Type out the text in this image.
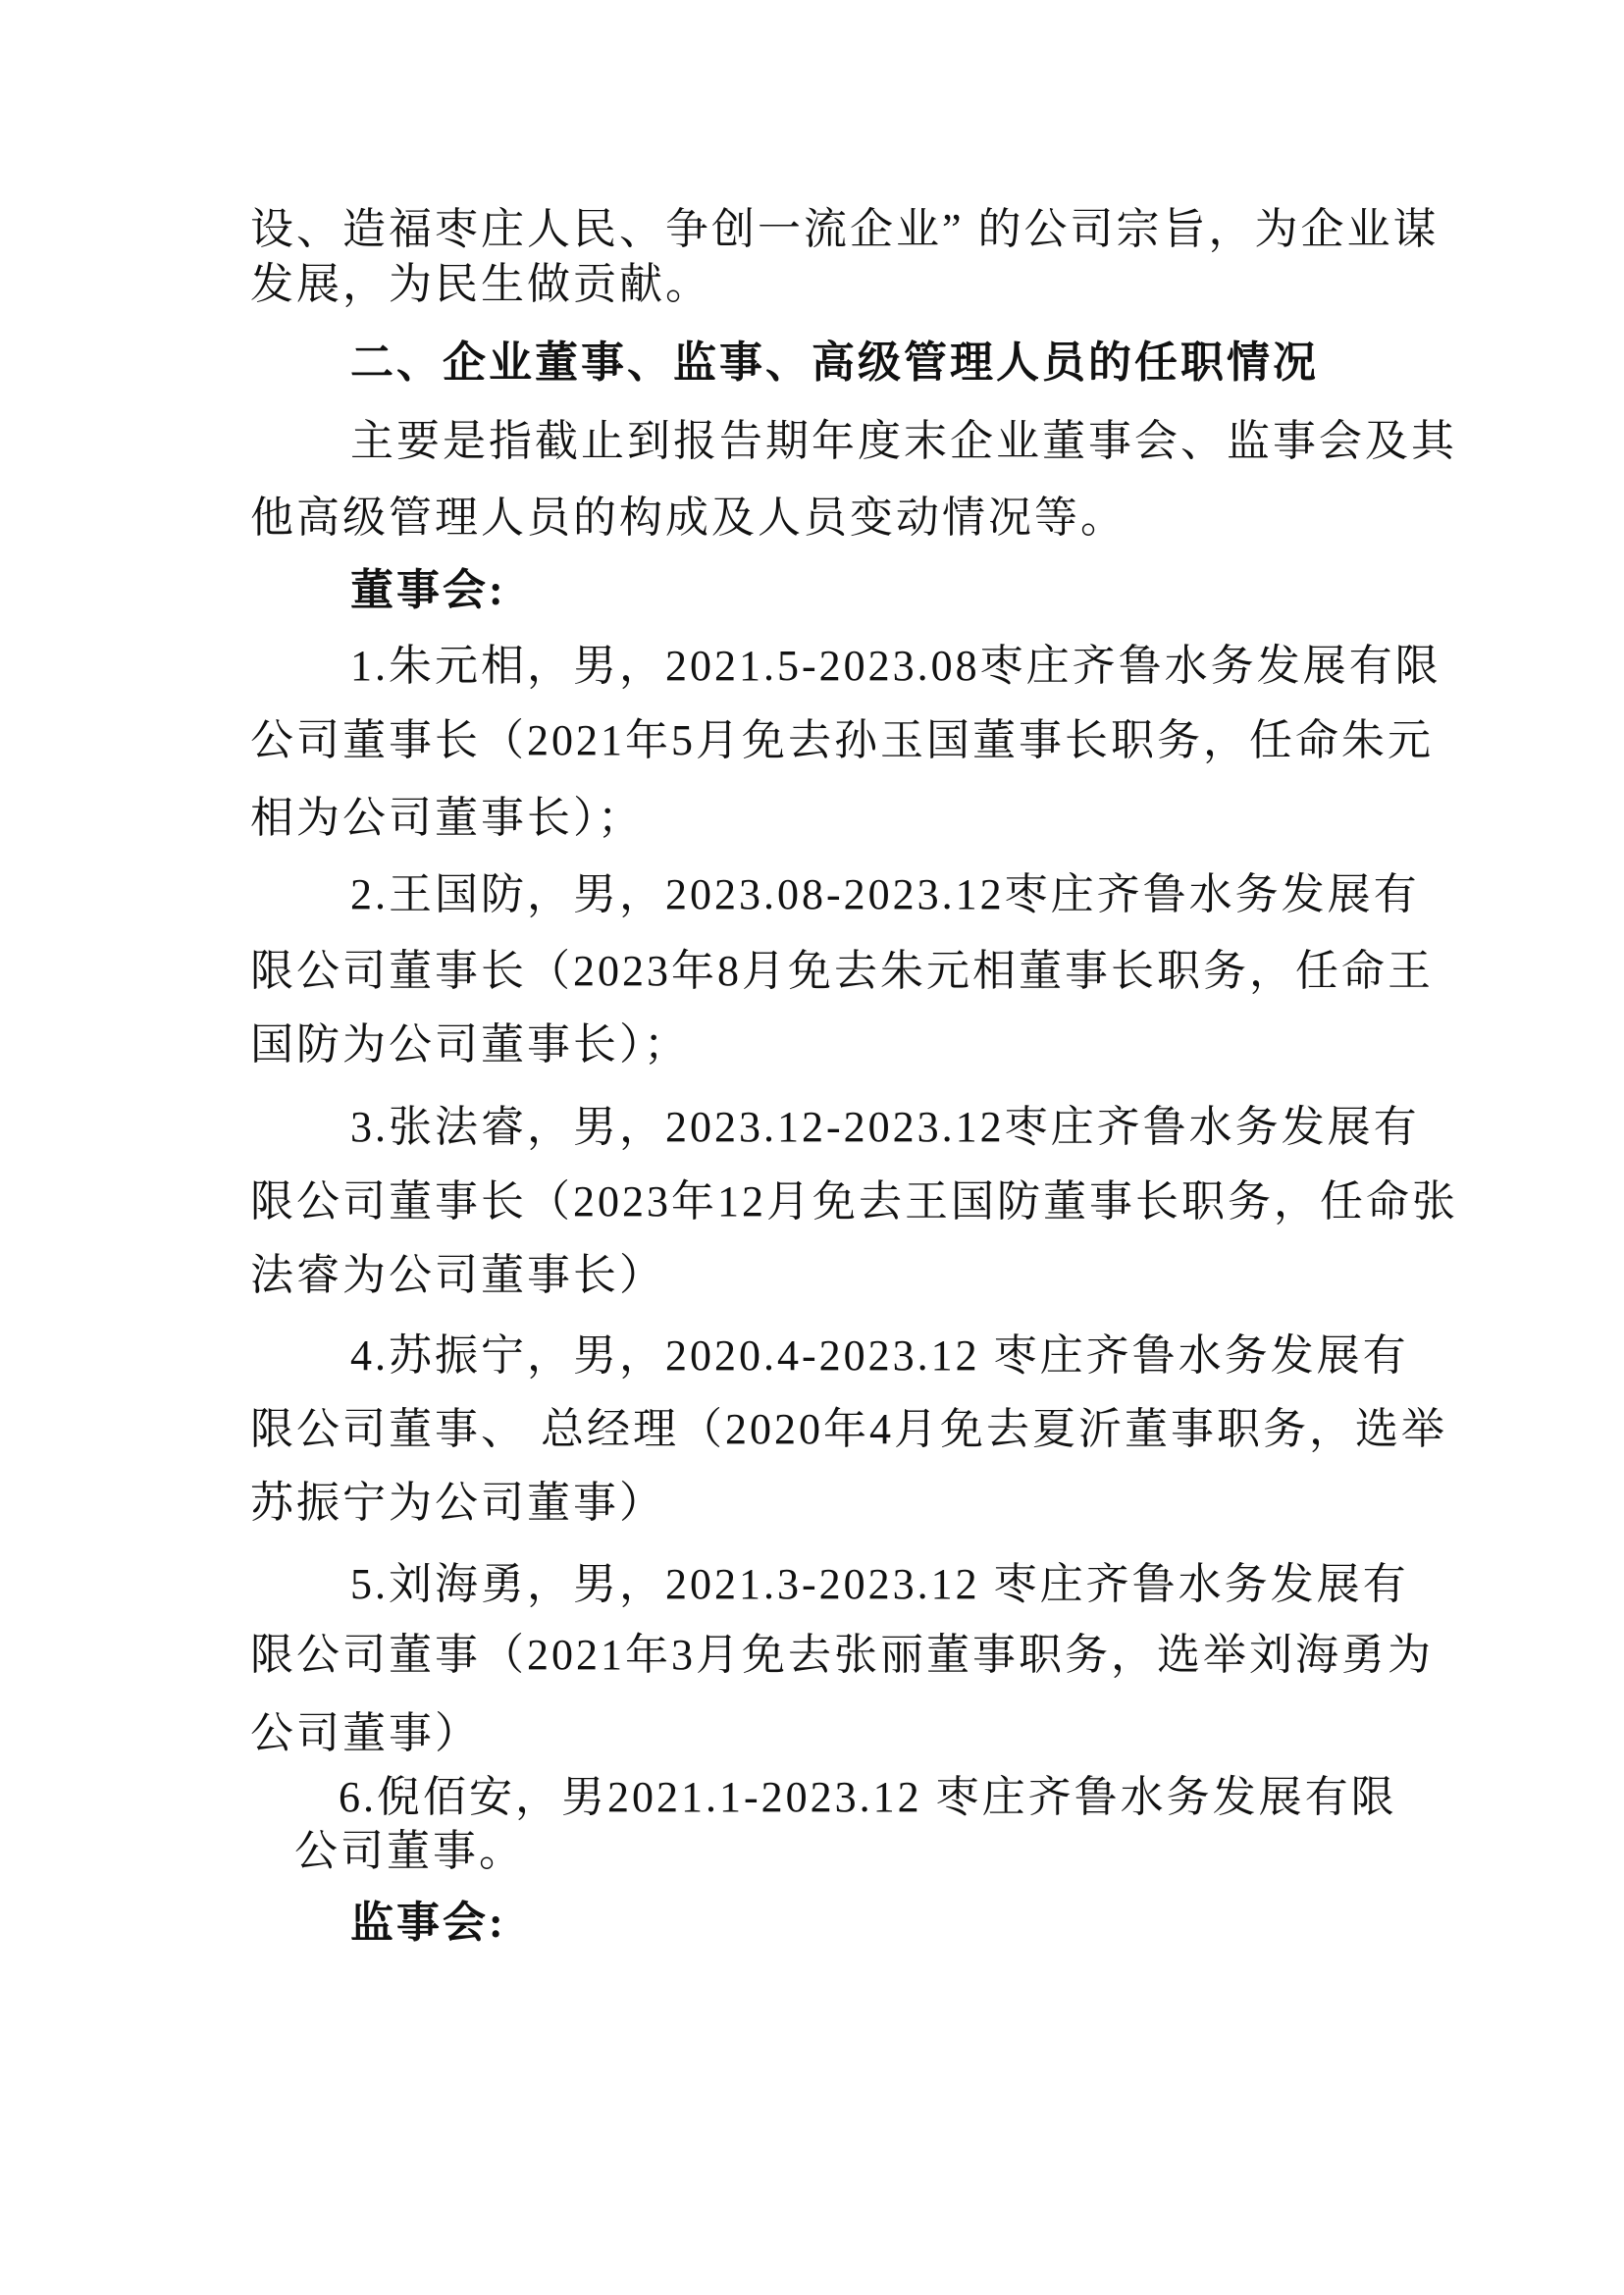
设、造福枣庄人民、争创一流企业” 的公司宗旨，为企业谋
发展，为民生做贡献。
二、企业董事、监事、高级管理人员的任职情况
主要是指截止到报告期年度末企业董事会、监事会及其
他高级管理人员的构成及人员变动情况等。
董事会:
1.朱元相，男，2021.5-2023.08枣庄齐鲁水务发展有限
公司董事长（2021年5月免去孙玉国董事长职务，任命朱元
相为公司董事长）；
2.王国防，男，2023.08-2023.12枣庄齐鲁水务发展有
限公司董事长（2023年8月免去朱元相董事长职务，任命王
国防为公司董事长）；
3.张法睿，男，2023.12-2023.12枣庄齐鲁水务发展有
限公司董事长（2023年12月免去王国防董事长职务，任命张
法睿为公司董事长）
4.苏振宁，男，2020.4-2023.12 枣庄齐鲁水务发展有
限公司董事、 总经理（2020年4月免去夏沂董事职务，选举
苏振宁为公司董事）
5.刘海勇，男，2021.3-2023.12 枣庄齐鲁水务发展有
限公司董事（2021年3月免去张丽董事职务，选举刘海勇为
公司董事）
6.倪佰安，男2021.1-2023.12 枣庄齐鲁水务发展有限
公司董事。
监事会:
